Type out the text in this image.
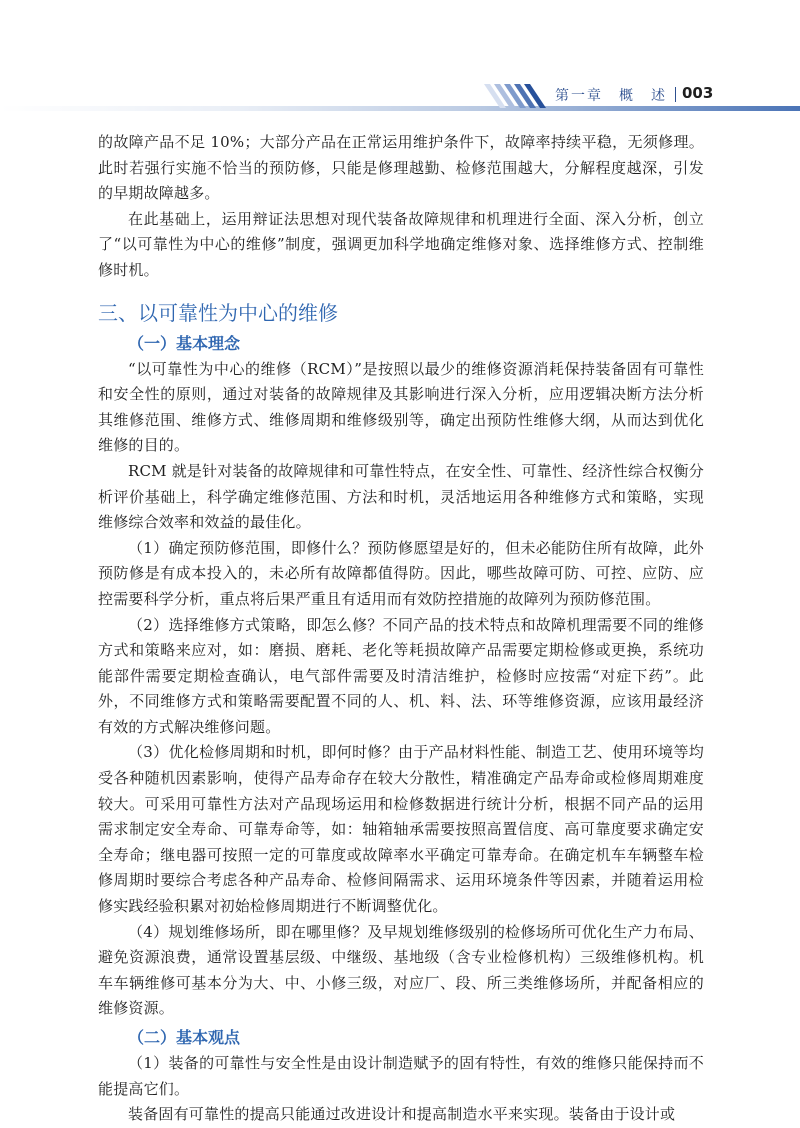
第一章　概　述 003

的故障产品不足 10%；大部分产品在正常运用维护条件下，故障率持续平稳，无须修理。此时若强行实施不恰当的预防修，只能是修理越勤、检修范围越大，分解程度越深，引发的早期故障越多。

在此基础上，运用辩证法思想对现代装备故障规律和机理进行全面、深入分析，创立了“以可靠性为中心的维修”制度，强调更加科学地确定维修对象、选择维修方式、控制维修时机。

三、以可靠性为中心的维修
（一）基本理念

“以可靠性为中心的维修（RCM）”是按照以最少的维修资源消耗保持装备固有可靠性和安全性的原则，通过对装备的故障规律及其影响进行深入分析，应用逻辑决断方法分析其维修范围、维修方式、维修周期和维修级别等，确定出预防性维修大纲，从而达到优化维修的目的。

RCM 就是针对装备的故障规律和可靠性特点，在安全性、可靠性、经济性综合权衡分析评价基础上，科学确定维修范围、方法和时机，灵活地运用各种维修方式和策略，实现维修综合效率和效益的最佳化。

（1）确定预防修范围，即修什么？预防修愿望是好的，但未必能防住所有故障，此外预防修是有成本投入的，未必所有故障都值得防。因此，哪些故障可防、可控、应防、应控需要科学分析，重点将后果严重且有适用而有效防控措施的故障列为预防修范围。

（2）选择维修方式策略，即怎么修？不同产品的技术特点和故障机理需要不同的维修方式和策略来应对，如：磨损、磨耗、老化等耗损故障产品需要定期检修或更换，系统功能部件需要定期检查确认，电气部件需要及时清洁维护，检修时应按需“对症下药”。此外，不同维修方式和策略需要配置不同的人、机、料、法、环等维修资源，应该用最经济有效的方式解决维修问题。

（3）优化检修周期和时机，即何时修？由于产品材料性能、制造工艺、使用环境等均受各种随机因素影响，使得产品寿命存在较大分散性，精准确定产品寿命或检修周期难度较大。可采用可靠性方法对产品现场运用和检修数据进行统计分析，根据不同产品的运用需求制定安全寿命、可靠寿命等，如：轴箱轴承需要按照高置信度、高可靠度要求确定安全寿命；继电器可按照一定的可靠度或故障率水平确定可靠寿命。在确定机车车辆整车检修周期时要综合考虑各种产品寿命、检修间隔需求、运用环境条件等因素，并随着运用检修实践经验积累对初始检修周期进行不断调整优化。

（4）规划维修场所，即在哪里修？及早规划维修级别的检修场所可优化生产力布局、避免资源浪费，通常设置基层级、中继级、基地级（含专业检修机构）三级维修机构。机车车辆维修可基本分为大、中、小修三级，对应厂、段、所三类维修场所，并配备相应的维修资源。

（二）基本观点

（1）装备的可靠性与安全性是由设计制造赋予的固有特性，有效的维修只能保持而不能提高它们。

装备固有可靠性的提高只能通过改进设计和提高制造水平来实现。装备由于设计或
